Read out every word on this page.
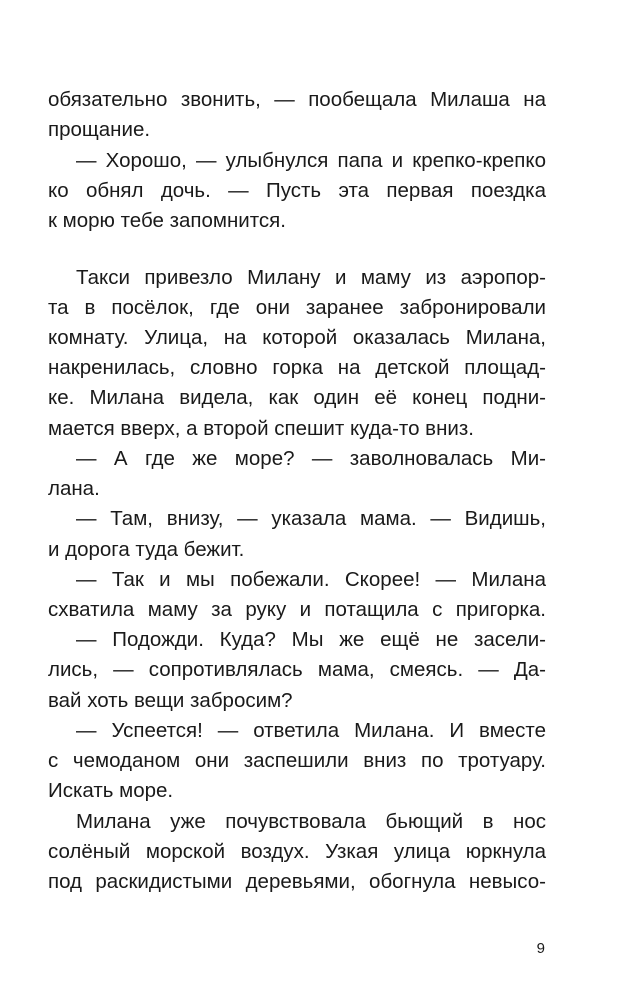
обязательно звонить, — пообещала Милаша на
прощание.
— Хорошо, — улыбнулся папа и крепко-крепко
ко обнял дочь. — Пусть эта первая поездка
к морю тебе запомнится.
Такси привезло Милану и маму из аэропор-
та в посёлок, где они заранее забронировали
комнату. Улица, на которой оказалась Милана,
накренилась, словно горка на детской площад-
ке. Милана видела, как один её конец подни-
мается вверх, а второй спешит куда-то вниз.
— А где же море? — заволновалась Ми-
лана.
— Там, внизу, — указала мама. — Видишь,
и дорога туда бежит.
— Так и мы побежали. Скорее! — Милана
схватила маму за руку и потащила с пригорка.
— Подожди. Куда? Мы же ещё не засели-
лись, — сопротивлялась мама, смеясь. — Да-
вай хоть вещи забросим?
— Успеется! — ответила Милана. И вместе
с чемоданом они заспешили вниз по тротуару.
Искать море.
Милана уже почувствовала бьющий в нос
солёный морской воздух. Узкая улица юркнула
под раскидистыми деревьями, обогнула невысо-
9
